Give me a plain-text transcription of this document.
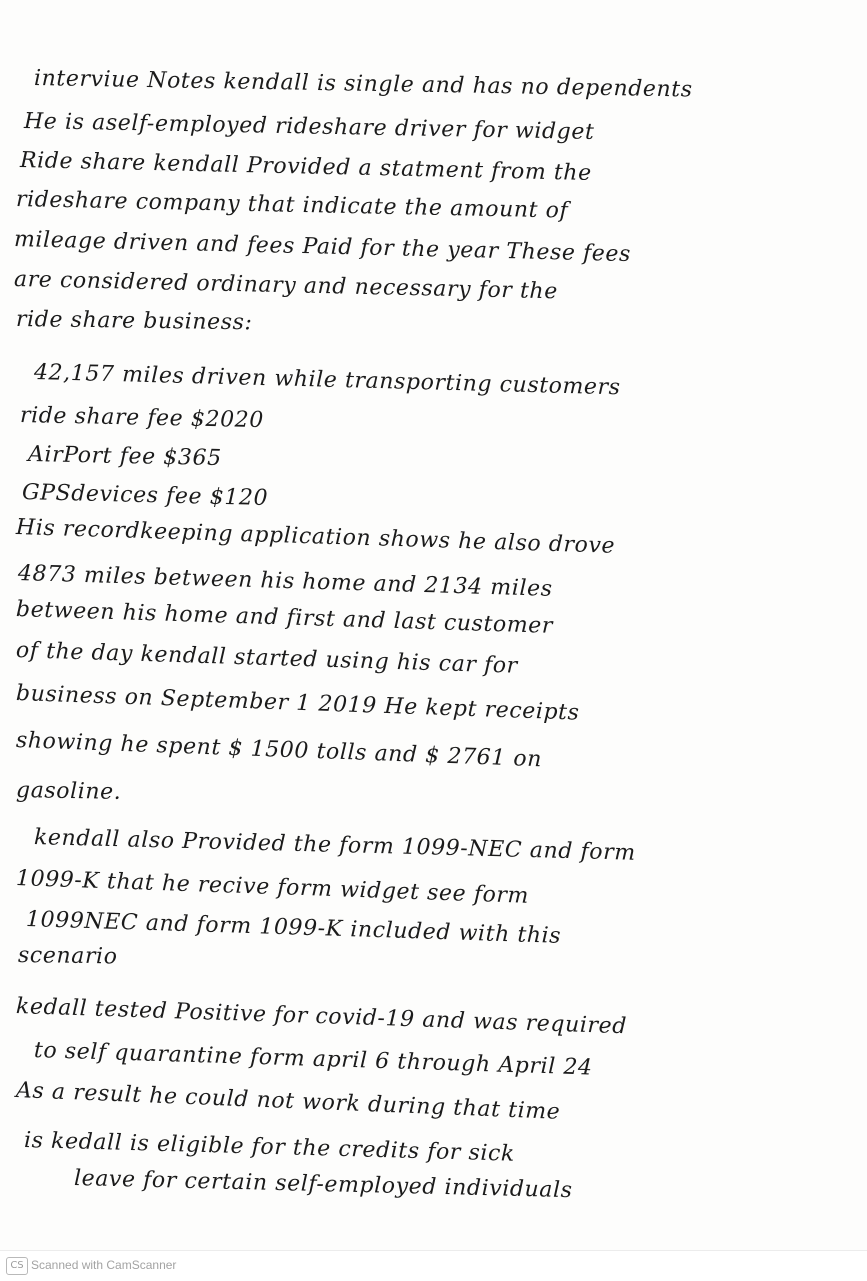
interviue Notes kendall is single and has no dependents
He is aself-employed rideshare driver for widget
Ride share kendall Provided a statment from the
rideshare company that indicate the amount of
mileage driven and fees Paid for the year These fees
are considered ordinary and necessary for the
ride share business:
42,157 miles driven while transporting customers
ride share fee $2020
AirPort fee $365
GPSdevices fee $120
His recordkeeping application shows he also drove
4873 miles between his home and 2134 miles
between his home and first and last customer
of the day kendall started using his car for
business on September 1 2019 He kept receipts
showing he spent $ 1500 tolls and $ 2761 on
gasoline.
kendall also Provided the form 1099-NEC and form
1099-K that he recive form widget see form
1099NEC and form 1099-K included with this
scenario
kedall tested Positive for covid-19 and was required
to self quarantine form april 6 through April 24
As a result he could not work during that time
is kedall is eligible for the credits for sick
leave for certain self-employed individuals
CS Scanned with CamScanner
